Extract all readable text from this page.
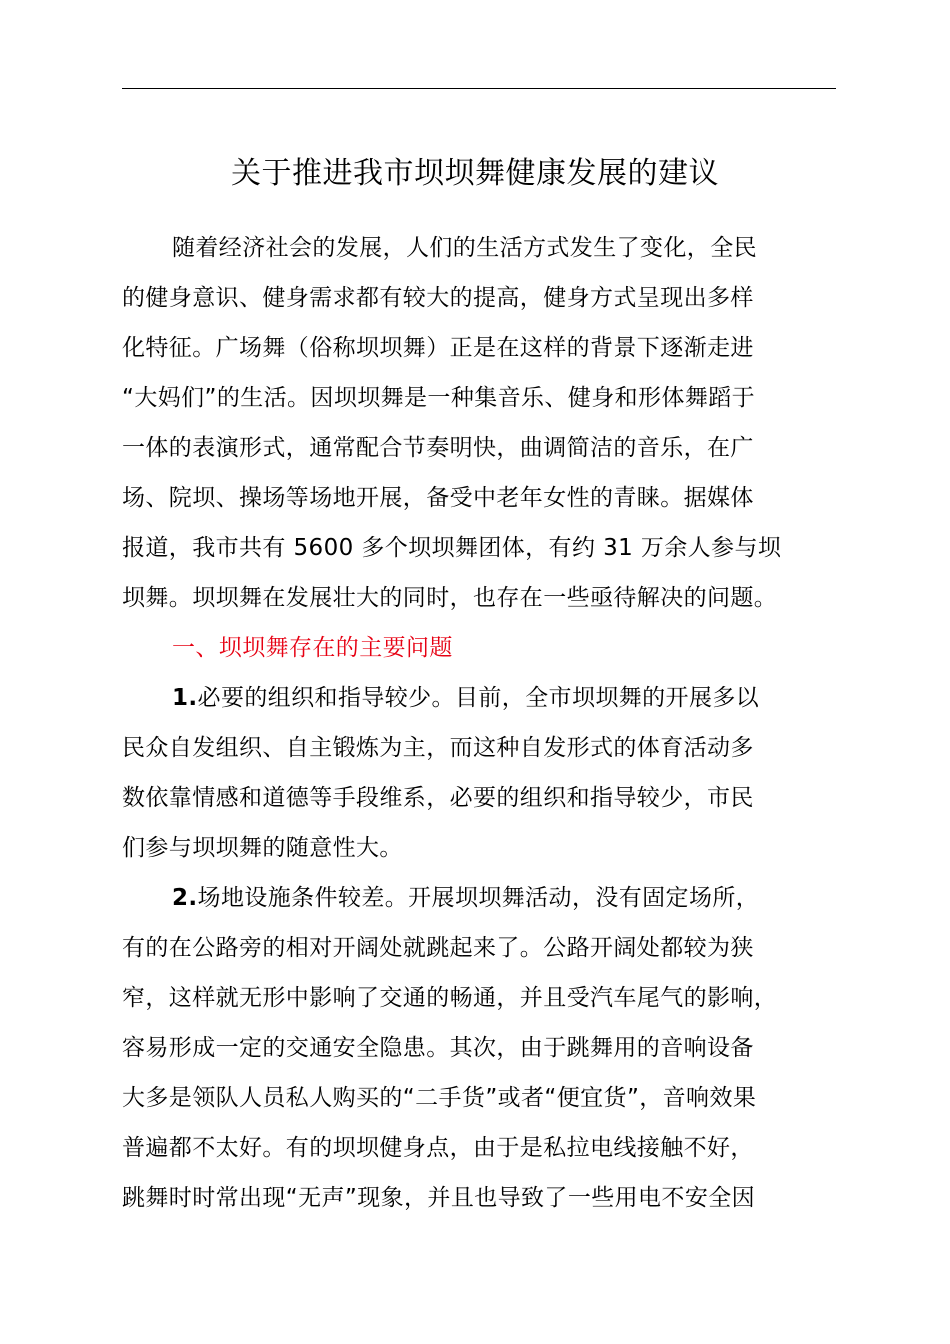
关于推进我市坝坝舞健康发展的建议
随着经济社会的发展，人们的生活方式发生了变化，全民
的健身意识、健身需求都有较大的提高，健身方式呈现出多样
化特征。广场舞（俗称坝坝舞）正是在这样的背景下逐渐走进
“大妈们”的生活。因坝坝舞是一种集音乐、健身和形体舞蹈于
一体的表演形式，通常配合节奏明快，曲调简洁的音乐，在广
场、院坝、操场等场地开展，备受中老年女性的青睐。据媒体
报道，我市共有 5600 多个坝坝舞团体，有约 31 万余人参与坝
坝舞。坝坝舞在发展壮大的同时，也存在一些亟待解决的问题。
一、坝坝舞存在的主要问题
1.必要的组织和指导较少。目前，全市坝坝舞的开展多以
民众自发组织、自主锻炼为主，而这种自发形式的体育活动多
数依靠情感和道德等手段维系，必要的组织和指导较少，市民
们参与坝坝舞的随意性大。
2.场地设施条件较差。开展坝坝舞活动，没有固定场所，
有的在公路旁的相对开阔处就跳起来了。公路开阔处都较为狭
窄，这样就无形中影响了交通的畅通，并且受汽车尾气的影响，
容易形成一定的交通安全隐患。其次，由于跳舞用的音响设备
大多是领队人员私人购买的“二手货”或者“便宜货”，音响效果
普遍都不太好。有的坝坝健身点，由于是私拉电线接触不好，
跳舞时时常出现“无声”现象，并且也导致了一些用电不安全因
